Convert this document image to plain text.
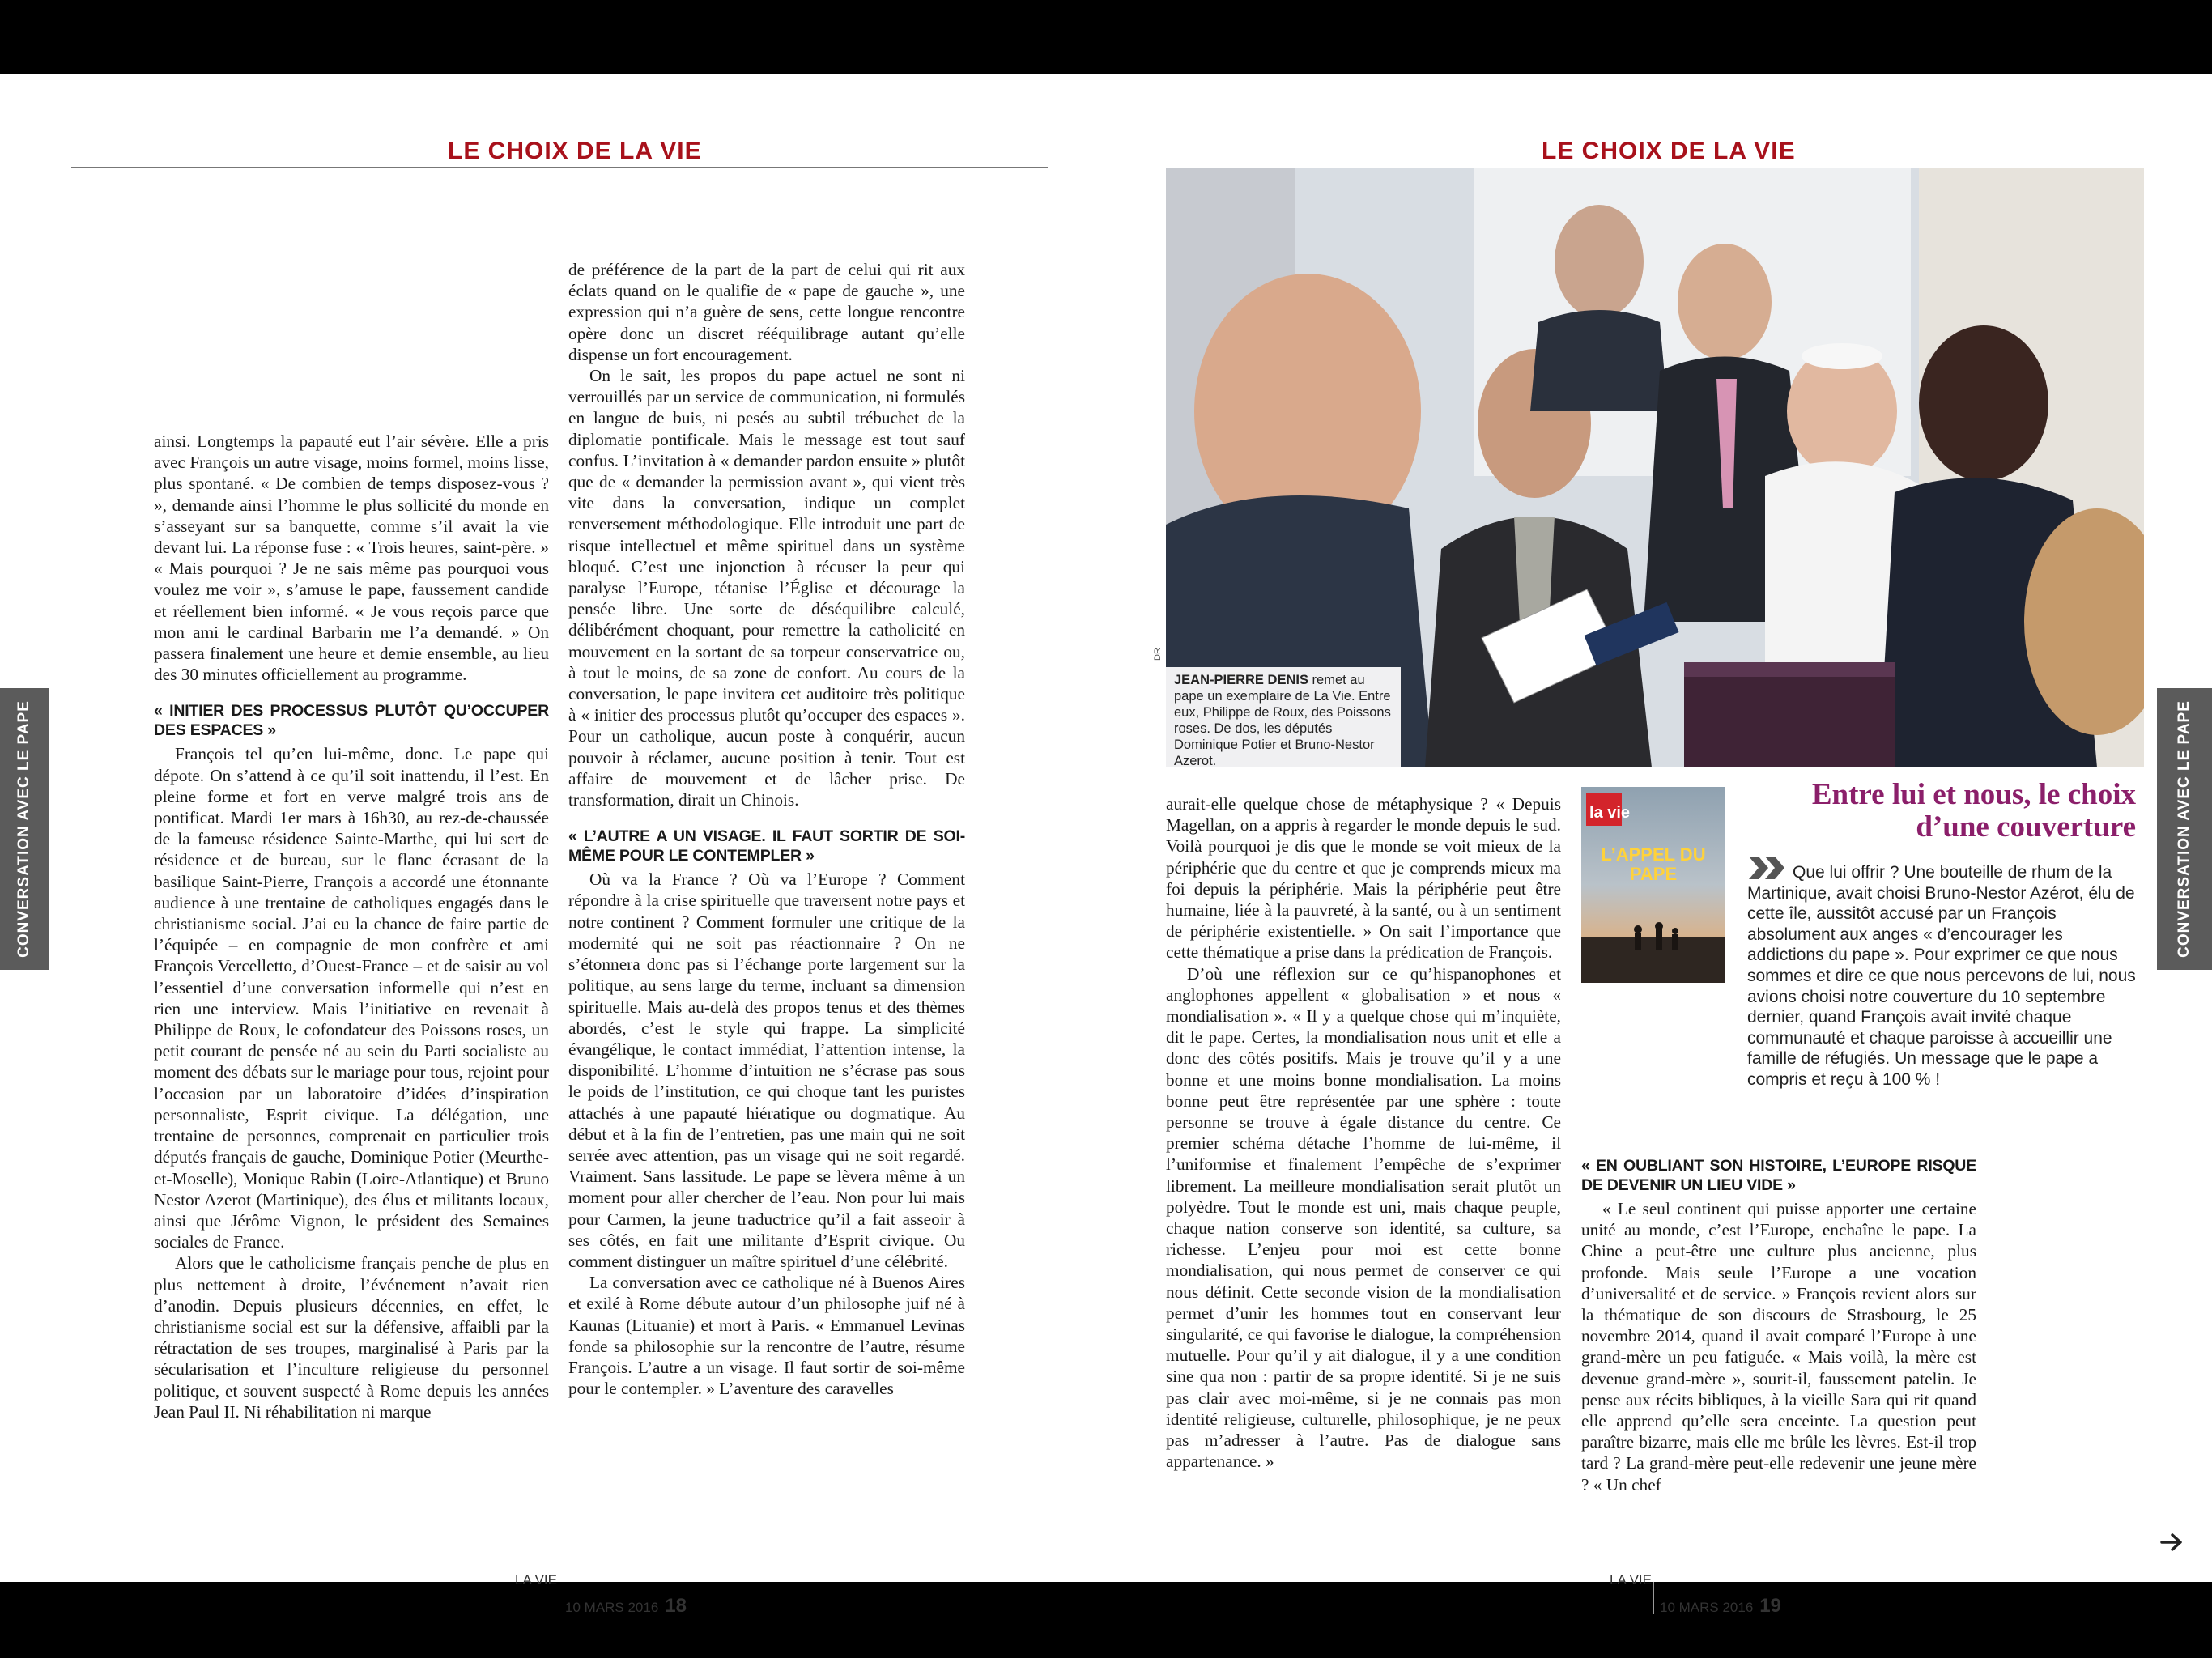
LE CHOIX DE LA VIE
CONVERSATION AVEC LE PAPE

ainsi. Longtemps la papauté eut l’air sévère. Elle a pris avec François un autre visage, moins formel, moins lisse, plus spontané. « De combien de temps disposez-vous ? », demande ainsi l’homme le plus sollicité du monde en s’asseyant sur sa banquette, comme s’il avait la vie devant lui. La réponse fuse : « Trois heures, saint-père. » « Mais pourquoi ? Je ne sais même pas pourquoi vous voulez me voir », s’amuse le pape, faussement candide et réellement bien informé. « Je vous reçois parce que mon ami le cardinal Barbarin me l’a demandé. » On passera finalement une heure et demie ensemble, au lieu des 30 minutes officiellement au programme.

« INITIER DES PROCESSUS PLUTÔT QU’OCCUPER DES ESPACES »

François tel qu’en lui-même, donc. Le pape qui dépote. On s’attend à ce qu’il soit inattendu, il l’est. En pleine forme et fort en verve malgré trois ans de pontificat. Mardi 1er mars à 16h30, au rez-de-chaussée de la fameuse résidence Sainte-Marthe, qui lui sert de résidence et de bureau, sur le flanc écrasant de la basilique Saint-Pierre, François a accordé une étonnante audience à une trentaine de catholiques engagés dans le christianisme social. J’ai eu la chance de faire partie de l’équipée – en compagnie de mon confrère et ami François Vercelletto, d’Ouest-France – et de saisir au vol l’essentiel d’une conversation informelle qui n’est en rien une interview. Mais l’initiative en revenait à Philippe de Roux, le cofondateur des Poissons roses, un petit courant de pensée né au sein du Parti socialiste au moment des débats sur le mariage pour tous, rejoint pour l’occasion par un laboratoire d’idées d’inspiration personnaliste, Esprit civique. La délégation, une trentaine de personnes, comprenait en particulier trois députés français de gauche, Dominique Potier (Meurthe-et-Moselle), Monique Rabin (Loire-Atlantique) et Bruno Nestor Azerot (Martinique), des élus et militants locaux, ainsi que Jérôme Vignon, le président des Semaines sociales de France.

Alors que le catholicisme français penche de plus en plus nettement à droite, l’événement n’avait rien d’anodin. Depuis plusieurs décennies, en effet, le christianisme social est sur la défensive, affaibli par la rétractation de ses troupes, marginalisé à Paris par la sécularisation et l’inculture religieuse du personnel politique, et souvent suspecté à Rome depuis les années Jean Paul II. Ni réhabilitation ni marque

de préférence de la part de la part de celui qui rit aux éclats quand on le qualifie de « pape de gauche », une expression qui n’a guère de sens, cette longue rencontre opère donc un discret rééquilibrage autant qu’elle dispense un fort encouragement.

On le sait, les propos du pape actuel ne sont ni verrouillés par un service de communication, ni formulés en langue de buis, ni pesés au subtil trébuchet de la diplomatie pontificale. Mais le message est tout sauf confus. L’invitation à « demander pardon ensuite » plutôt que de « demander la permission avant », qui vient très vite dans la conversation, indique un complet renversement méthodologique. Elle introduit une part de risque intellectuel et même spirituel dans un système bloqué. C’est une injonction à récuser la peur qui paralyse l’Europe, tétanise l’Église et décourage la pensée libre. Une sorte de déséquilibre calculé, délibérément choquant, pour remettre la catholicité en mouvement en la sortant de sa torpeur conservatrice ou, à tout le moins, de sa zone de confort. Au cours de la conversation, le pape invitera cet auditoire très politique à « initier des processus plutôt qu’occuper des espaces ». Pour un catholique, aucun poste à conquérir, aucun pouvoir à réclamer, aucune position à tenir. Tout est affaire de mouvement et de lâcher prise. De transformation, dirait un Chinois.

« L’AUTRE A UN VISAGE. IL FAUT SORTIR DE SOI-MÊME POUR LE CONTEMPLER »

Où va la France ? Où va l’Europe ? Comment répondre à la crise spirituelle que traversent notre pays et notre continent ? Comment formuler une critique de la modernité qui ne soit pas réactionnaire ? On ne s’étonnera donc pas si l’échange porte largement sur la politique, au sens large du terme, incluant sa dimension spirituelle. Mais au-delà des propos tenus et des thèmes abordés, c’est le style qui frappe. La simplicité évangélique, le contact immédiat, l’attention intense, la disponibilité. L’homme d’intuition ne s’écrase pas sous le poids de l’institution, ce qui choque tant les puristes attachés à une papauté hiératique ou dogmatique. Au début et à la fin de l’entretien, pas une main qui ne soit serrée avec attention, pas un visage qui ne soit regardé. Vraiment. Sans lassitude. Le pape se lèvera même à un moment pour aller chercher de l’eau. Non pour lui mais pour Carmen, la jeune traductrice qu’il a fait asseoir à ses côtés, en fait une militante d’Esprit civique. Ou comment distinguer un maître spirituel d’une célébrité.

La conversation avec ce catholique né à Buenos Aires et exilé à Rome débute autour d’un philosophe juif né à Kaunas (Lituanie) et mort à Paris. « Emmanuel Levinas fonde sa philosophie sur la rencontre de l’autre, résume François. L’autre a un visage. Il faut sortir de soi-même pour le contempler. » L’aventure des caravelles

LA VIE
10 MARS 2016 18
LE CHOIX DE LA VIE
DR
JEAN-PIERRE DENIS remet au pape un exemplaire de La Vie. Entre eux, Philippe de Roux, des Poissons roses. De dos, les députés Dominique Potier et Bruno-Nestor Azerot.
la vie
L’APPEL DU PAPE
Entre lui et nous, le choix d’une couverture
Que lui offrir ? Une bouteille de rhum de la Martinique, avait choisi Bruno-Nestor Azérot, élu de cette île, aussitôt accusé par un François absolument aux anges « d’encourager les addictions du pape ». Pour exprimer ce que nous sommes et dire ce que nous percevons de lui, nous avions choisi notre couverture du 10 septembre dernier, quand François avait invité chaque communauté et chaque paroisse à accueillir une famille de réfugiés. Un message que le pape a compris et reçu à 100 % !

aurait-elle quelque chose de métaphysique ? « Depuis Magellan, on a appris à regarder le monde depuis le sud. Voilà pourquoi je dis que le monde se voit mieux de la périphérie que du centre et que je comprends mieux ma foi depuis la périphérie. Mais la périphérie peut être humaine, liée à la pauvreté, à la santé, ou à un sentiment de périphérie existentielle. » On sait l’importance que cette thématique a prise dans la prédication de François.

D’où une réflexion sur ce qu’hispanophones et anglophones appellent « globalisation » et nous « mondialisation ». « Il y a quelque chose qui m’inquiète, dit le pape. Certes, la mondialisation nous unit et elle a donc des côtés positifs. Mais je trouve qu’il y a une bonne et une moins bonne mondialisation. La moins bonne peut être représentée par une sphère : toute personne se trouve à égale distance du centre. Ce premier schéma détache l’homme de lui-même, il l’uniformise et finalement l’empêche de s’exprimer librement. La meilleure mondialisation serait plutôt un polyèdre. Tout le monde est uni, mais chaque peuple, chaque nation conserve son identité, sa culture, sa richesse. L’enjeu pour moi est cette bonne mondialisation, qui nous permet de conserver ce qui nous définit. Cette seconde vision de la mondialisation permet d’unir les hommes tout en conservant leur singularité, ce qui favorise le dialogue, la compréhension mutuelle. Pour qu’il y ait dialogue, il y a une condition sine qua non : partir de sa propre identité. Si je ne suis pas clair avec moi-même, si je ne connais pas mon identité religieuse, culturelle, philosophique, je ne peux pas m’adresser à l’autre. Pas de dialogue sans appartenance. »

« EN OUBLIANT SON HISTOIRE, L’EUROPE RISQUE DE DEVENIR UN LIEU VIDE »

« Le seul continent qui puisse apporter une certaine unité au monde, c’est l’Europe, enchaîne le pape. La Chine a peut-être une culture plus ancienne, plus profonde. Mais seule l’Europe a une vocation d’universalité et de service. » François revient alors sur la thématique de son discours de Strasbourg, le 25 novembre 2014, quand il avait comparé l’Europe à une grand-mère un peu fatiguée. « Mais voilà, la mère est devenue grand-mère », sourit-il, faussement patelin. Je pense aux récits bibliques, à la vieille Sara qui rit quand elle apprend qu’elle sera enceinte. La question peut paraître bizarre, mais elle me brûle les lèvres. Est-il trop tard ? La grand-mère peut-elle redevenir une jeune mère ? « Un chef

CONVERSATION AVEC LE PAPE
LA VIE
10 MARS 2016 19
